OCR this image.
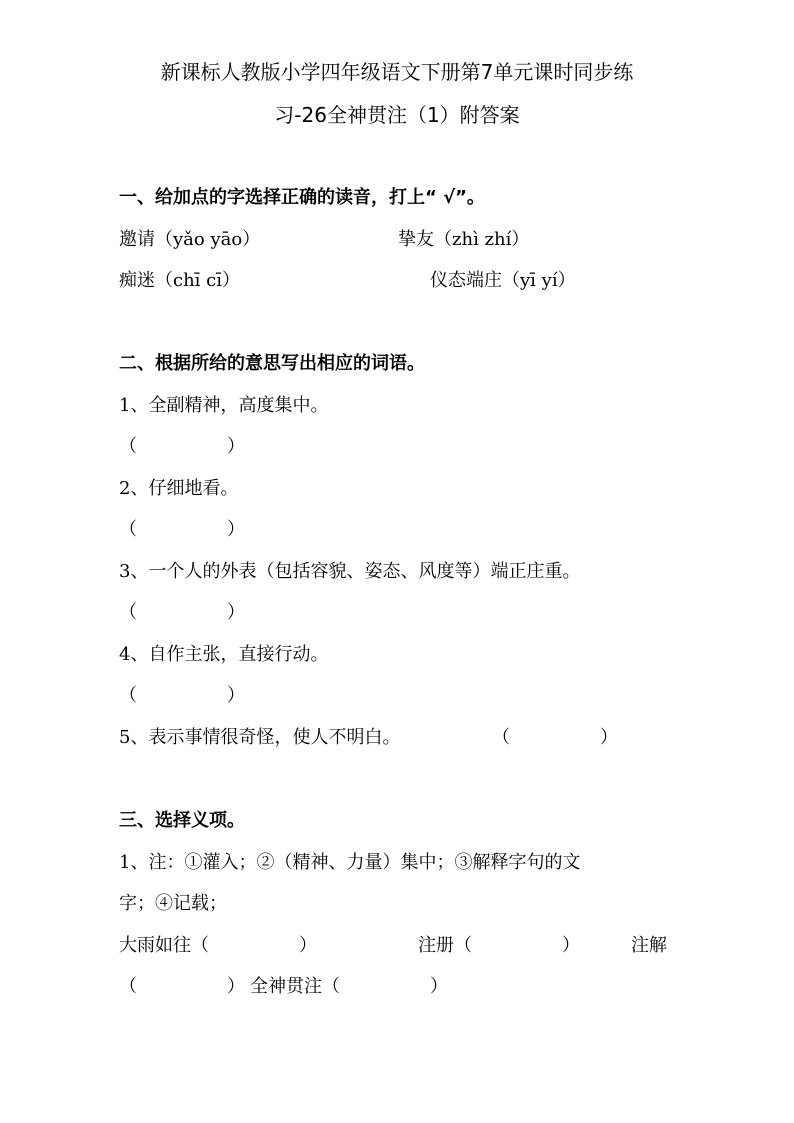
新课标人教版小学四年级语文下册第7单元课时同步练
习-26全神贯注（1）附答案
一、给加点的字选择正确的读音，打上“ √”。
邀请（yǎo yāo）	挚友（zhì zhí）
痴迷（chī cī）	仪态端庄（yī yí）
二、根据所给的意思写出相应的词语。
1、全副精神，高度集中。
（　　　　　）
2、仔细地看。
（　　　　　）
3、一个人的外表（包括容貌、姿态、风度等）端正庄重。
（　　　　　）
4、自作主张，直接行动。
（　　　　　）
5、表示事情很奇怪，使人不明白。	（　　　　　）
三、选择义项。
1、注：①灌入；②（精神、力量）集中；③解释字句的文
字；④记载；
大雨如往（　　　　　）	注册（　　　　　）	注解
（　　　　　） 全神贯注（　　　　　）
